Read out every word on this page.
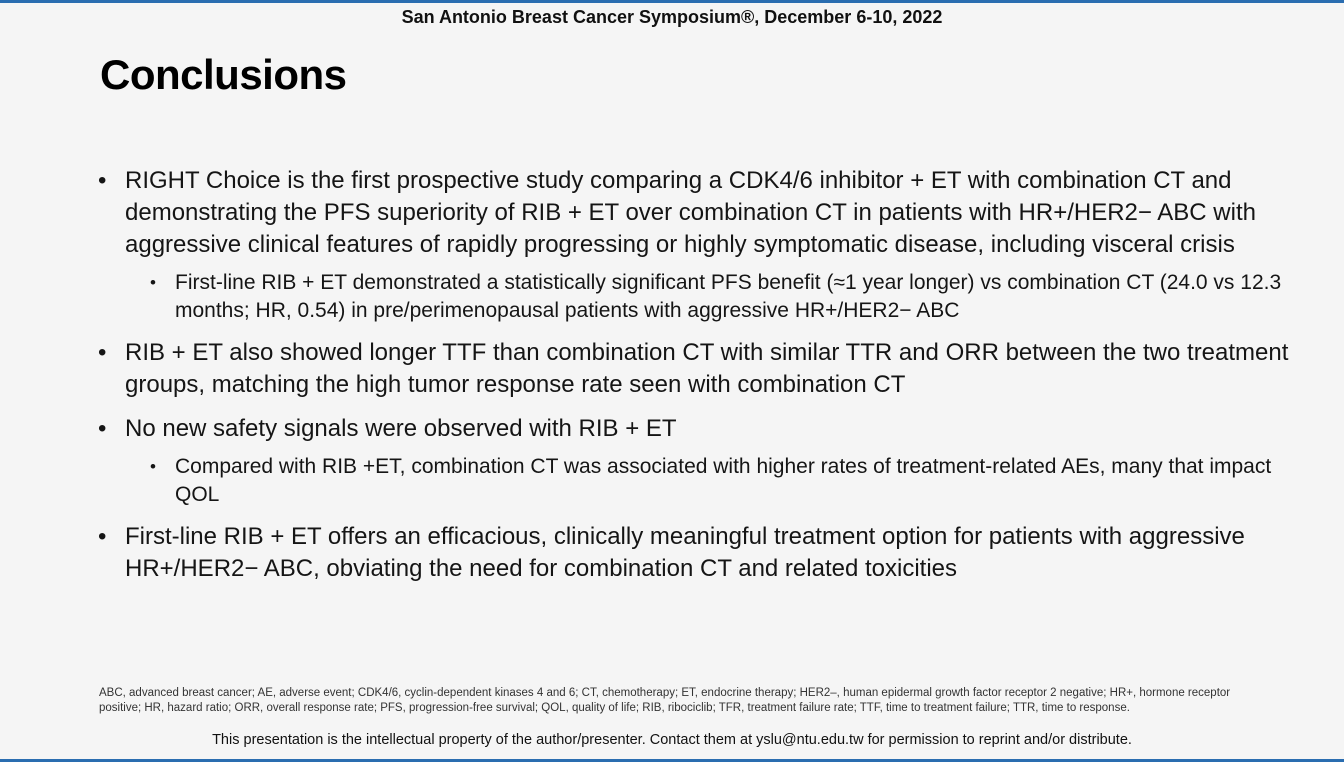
San Antonio Breast Cancer Symposium®, December 6-10, 2022
Conclusions
• RIGHT Choice is the first prospective study comparing a CDK4/6 inhibitor + ET with combination CT and demonstrating the PFS superiority of RIB + ET over combination CT in patients with HR+/HER2− ABC with aggressive clinical features of rapidly progressing or highly symptomatic disease, including visceral crisis
• First-line RIB + ET demonstrated a statistically significant PFS benefit (≈1 year longer) vs combination CT (24.0 vs 12.3 months; HR, 0.54) in pre/perimenopausal patients with aggressive HR+/HER2− ABC
• RIB + ET also showed longer TTF than combination CT with similar TTR and ORR between the two treatment groups, matching the high tumor response rate seen with combination CT
• No new safety signals were observed with RIB + ET
• Compared with RIB +ET, combination CT was associated with higher rates of treatment-related AEs, many that impact QOL
• First-line RIB + ET offers an efficacious, clinically meaningful treatment option for patients with aggressive HR+/HER2− ABC, obviating the need for combination CT and related toxicities
ABC, advanced breast cancer; AE, adverse event; CDK4/6, cyclin-dependent kinases 4 and 6; CT, chemotherapy; ET, endocrine therapy; HER2–, human epidermal growth factor receptor 2 negative; HR+, hormone receptor positive; HR, hazard ratio; ORR, overall response rate; PFS, progression-free survival; QOL, quality of life; RIB, ribociclib; TFR, treatment failure rate; TTF, time to treatment failure; TTR, time to response.
This presentation is the intellectual property of the author/presenter. Contact them at yslu@ntu.edu.tw for permission to reprint and/or distribute.
